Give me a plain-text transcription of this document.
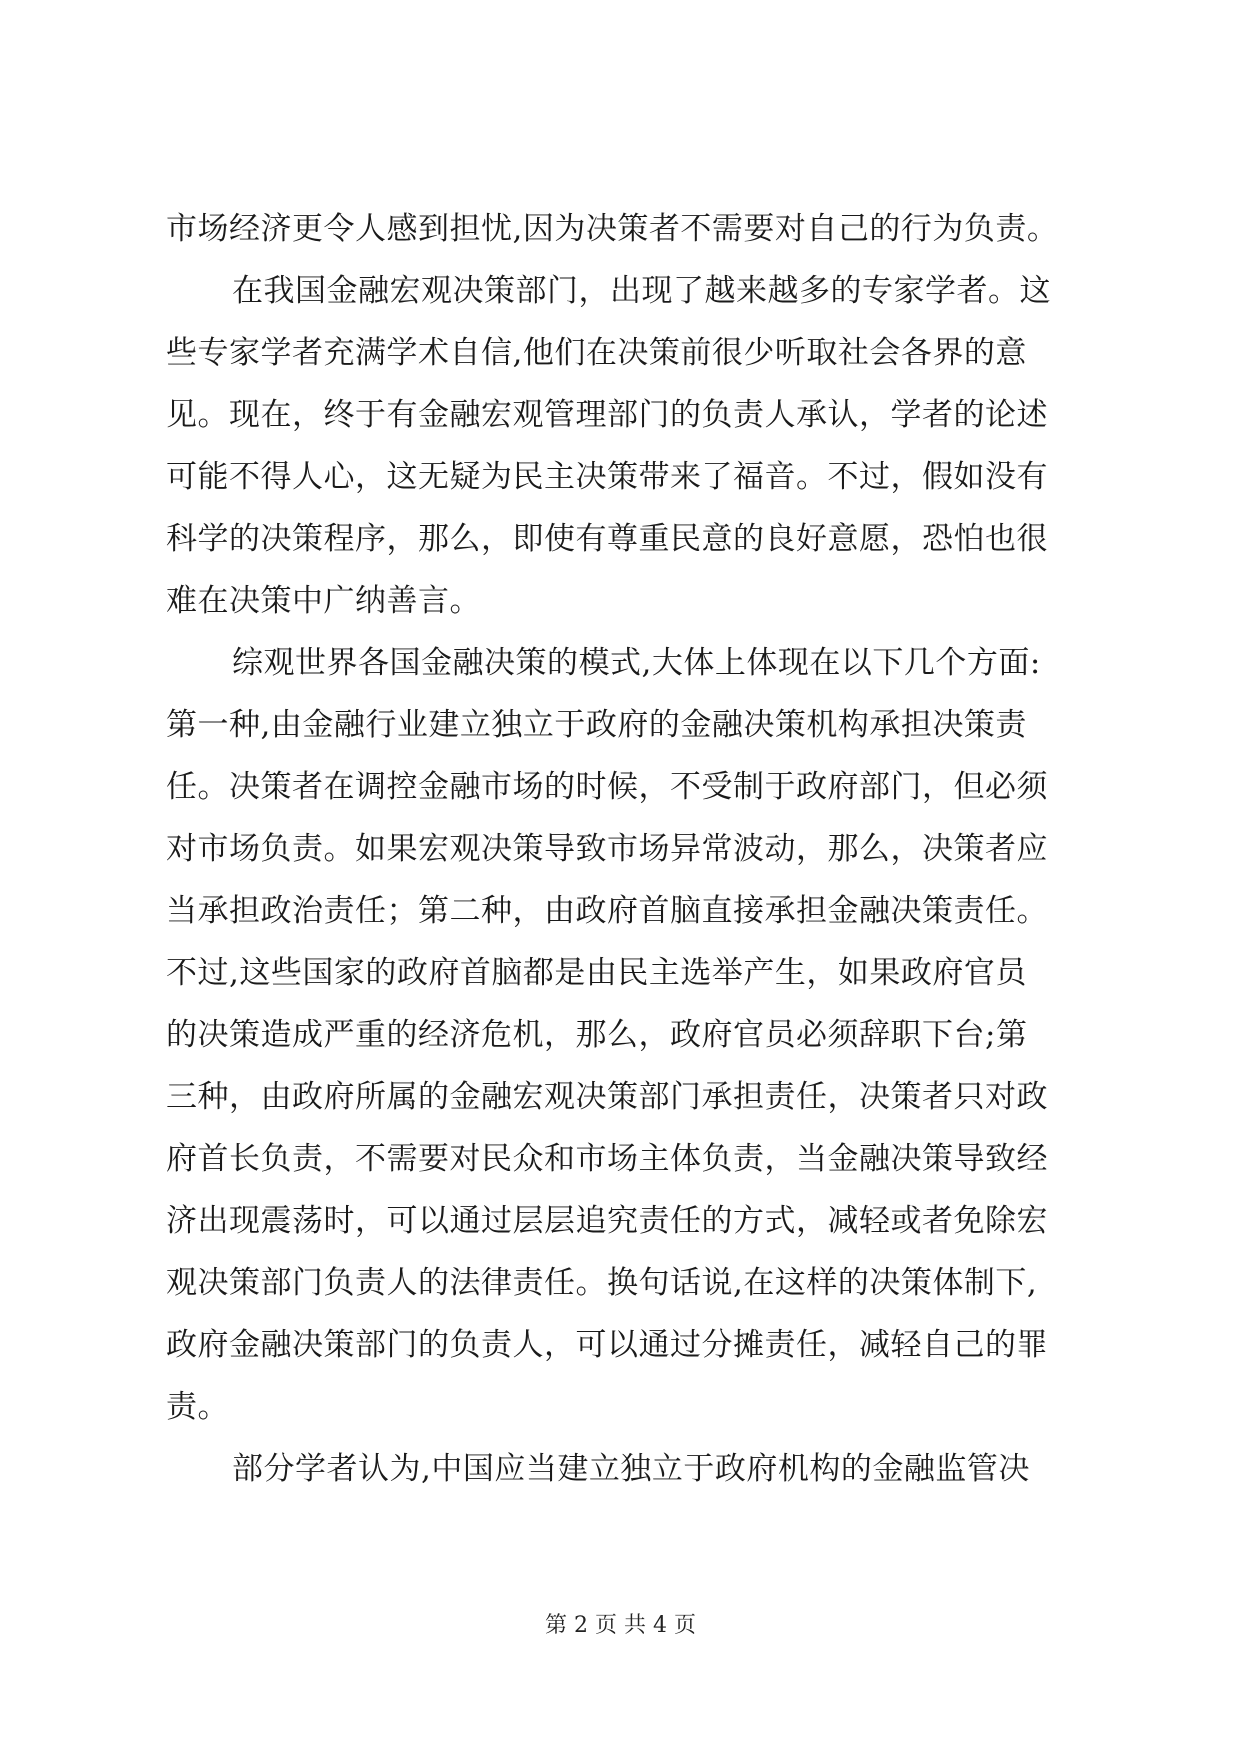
市场经济更令人感到担忧,因为决策者不需要对自己的行为负责。
在我国金融宏观决策部门，出现了越来越多的专家学者。这
些专家学者充满学术自信,他们在决策前很少听取社会各界的意
见。现在，终于有金融宏观管理部门的负责人承认，学者的论述
可能不得人心，这无疑为民主决策带来了福音。不过，假如没有
科学的决策程序，那么，即使有尊重民意的良好意愿，恐怕也很
难在决策中广纳善言。
综观世界各国金融决策的模式,大体上体现在以下几个方面:
第一种,由金融行业建立独立于政府的金融决策机构承担决策责
任。决策者在调控金融市场的时候，不受制于政府部门，但必须
对市场负责。如果宏观决策导致市场异常波动，那么，决策者应
当承担政治责任；第二种，由政府首脑直接承担金融决策责任。
不过,这些国家的政府首脑都是由民主选举产生，如果政府官员
的决策造成严重的经济危机，那么，政府官员必须辞职下台;第
三种，由政府所属的金融宏观决策部门承担责任，决策者只对政
府首长负责，不需要对民众和市场主体负责，当金融决策导致经
济出现震荡时，可以通过层层追究责任的方式，减轻或者免除宏
观决策部门负责人的法律责任。换句话说,在这样的决策体制下,
政府金融决策部门的负责人，可以通过分摊责任，减轻自己的罪
责。
部分学者认为,中国应当建立独立于政府机构的金融监管决
第 2 页 共 4 页
